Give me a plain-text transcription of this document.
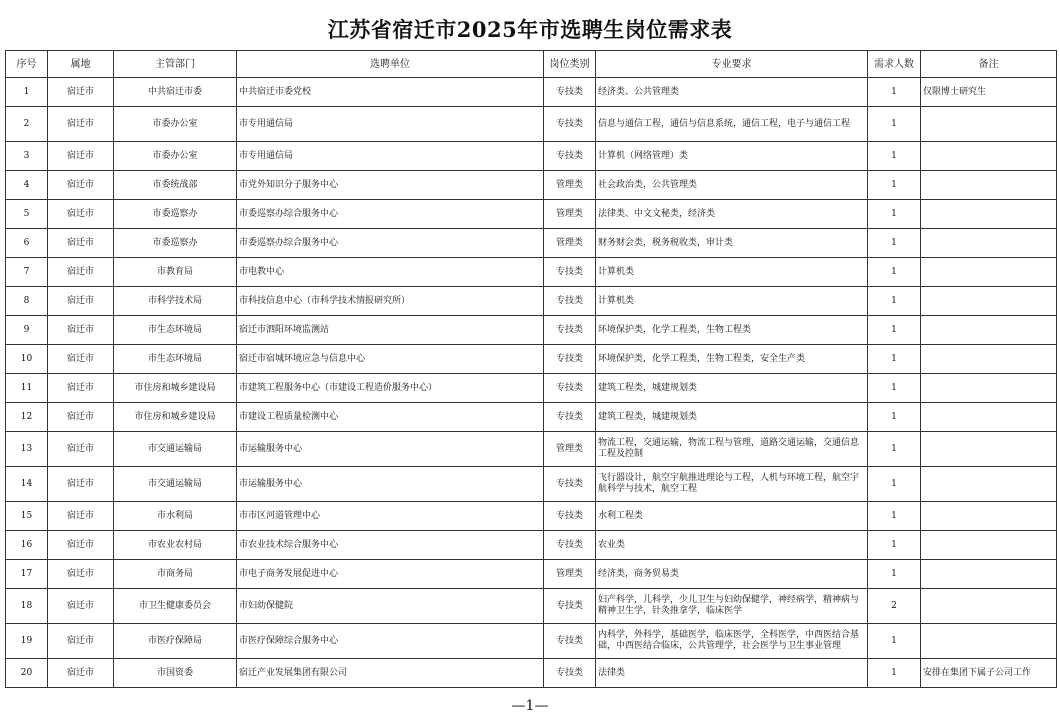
江苏省宿迁市2025年市选聘生岗位需求表
序号	属地	主管部门	选聘单位	岗位类别	专业要求	需求人数	备注
1	宿迁市	中共宿迁市委	中共宿迁市委党校	专技类	经济类、公共管理类	1	仅限博士研究生
2	宿迁市	市委办公室	市专用通信局	专技类	信息与通信工程，通信与信息系统，通信工程，电子与通信工程	1	
3	宿迁市	市委办公室	市专用通信局	专技类	计算机（网络管理）类	1	
4	宿迁市	市委统战部	市党外知识分子服务中心	管理类	社会政治类，公共管理类	1	
5	宿迁市	市委巡察办	市委巡察办综合服务中心	管理类	法律类、中文文秘类，经济类	1	
6	宿迁市	市委巡察办	市委巡察办综合服务中心	管理类	财务财会类，税务税收类，审计类	1	
7	宿迁市	市教育局	市电教中心	专技类	计算机类	1	
8	宿迁市	市科学技术局	市科技信息中心（市科学技术情报研究所）	专技类	计算机类	1	
9	宿迁市	市生态环境局	宿迁市泗阳环境监测站	专技类	环境保护类，化学工程类，生物工程类	1	
10	宿迁市	市生态环境局	宿迁市宿城环境应急与信息中心	专技类	环境保护类，化学工程类，生物工程类，安全生产类	1	
11	宿迁市	市住房和城乡建设局	市建筑工程服务中心（市建设工程造价服务中心）	专技类	建筑工程类，城建规划类	1	
12	宿迁市	市住房和城乡建设局	市建设工程质量检测中心	专技类	建筑工程类，城建规划类	1	
13	宿迁市	市交通运输局	市运输服务中心	管理类	物流工程，交通运输，物流工程与管理，道路交通运输，交通信息工程及控制	1	
14	宿迁市	市交通运输局	市运输服务中心	专技类	飞行器设计，航空宇航推进理论与工程，人机与环境工程，航空宇航科学与技术，航空工程	1	
15	宿迁市	市水利局	市市区河道管理中心	专技类	水利工程类	1	
16	宿迁市	市农业农村局	市农业技术综合服务中心	专技类	农业类	1	
17	宿迁市	市商务局	市电子商务发展促进中心	管理类	经济类，商务贸易类	1	
18	宿迁市	市卫生健康委员会	市妇幼保健院	专技类	妇产科学，儿科学，少儿卫生与妇幼保健学，神经病学，精神病与精神卫生学，针灸推拿学，临床医学	2	
19	宿迁市	市医疗保障局	市医疗保障综合服务中心	专技类	内科学，外科学，基础医学，临床医学，全科医学，中西医结合基础，中西医结合临床，公共管理学，社会医学与卫生事业管理	1	
20	宿迁市	市国资委	宿迁产业发展集团有限公司	专技类	法律类	1	安排在集团下属子公司工作
—1—
